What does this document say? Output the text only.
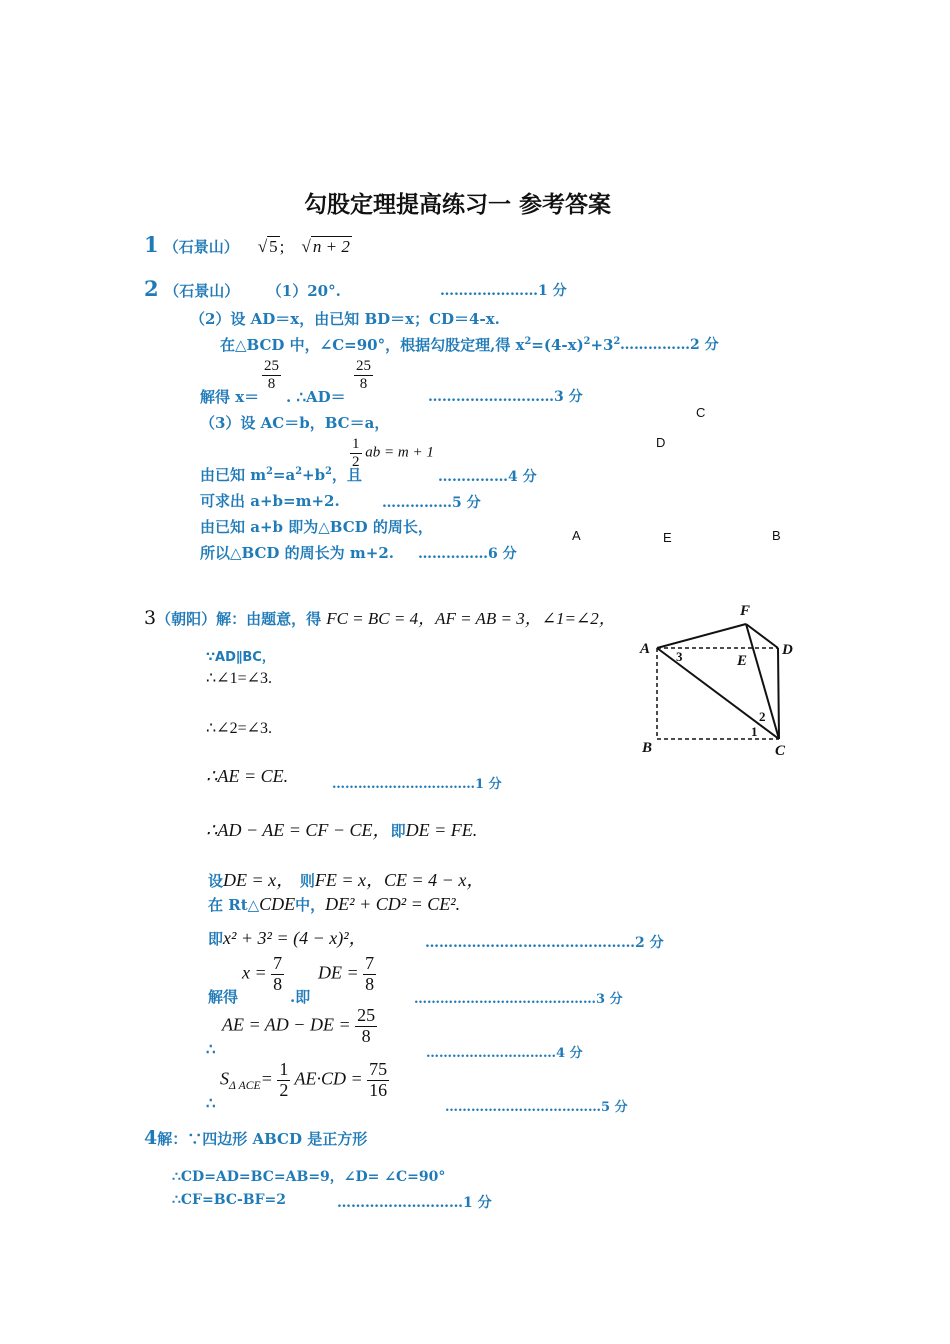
勾股定理提高练习一 参考答案
1 （石景山） √ 5 ; √ n + 2
2 （石景山） （1）20°.	…………………1 分
（2）设 AD＝x，由已知 BD＝x；CD＝4-x.
在△BCD 中，∠C=90°，根据勾股定理,得 $x^2=(4-x)^2+3^2$ ……………2 分
解得 x＝
$\frac{25}{8}$
. ∴AD＝
$\frac{25}{8}$
………………………3 分
（3）设 AC＝b，BC＝a，
由已知 $m^2=a^2+b^2$，且
$\frac{1}{2}$ ab = m + 1
……………4 分
可求出 a+b=m+2.	……………5 分
由已知 a+b 即为△BCD 的周长，
所以△BCD 的周长为 m+2. ……………6 分
C
D
A	E	B
3（朝阳）解：由题意，得 FC = BC = 4，AF = AB = 3，∠1=∠2，
∵AD∥BC，
∴∠1=∠3.
∴∠2=∠3.
∴AE = CE.	……………………………1 分
∴AD − AE = CF − CE，即DE = FE.
设DE = x， 则FE = x，CE = 4 − x，
在 Rt△CDE中，DE² + CD² = CE².
即x² + 3² = (4 − x)²，	………………………………………2 分
解得
$x = \frac{7}{8}$
.即
DE = $\frac{7}{8}$
……………………………………3 分
∴
AE = AD − DE = $\frac{25}{8}$
…………………………4 分
∴
$S_{\Delta ACE}= \frac{1}{2} AE\cdot CD = \frac{75}{16}$
………………………………5 分
F
A	D
E
B	C
3
2
1
4解：∵四边形 ABCD 是正方形
∴CD=AD=BC=AB=9，∠D= ∠C=90°
∴CF=BC-BF=2	………………………1 分
